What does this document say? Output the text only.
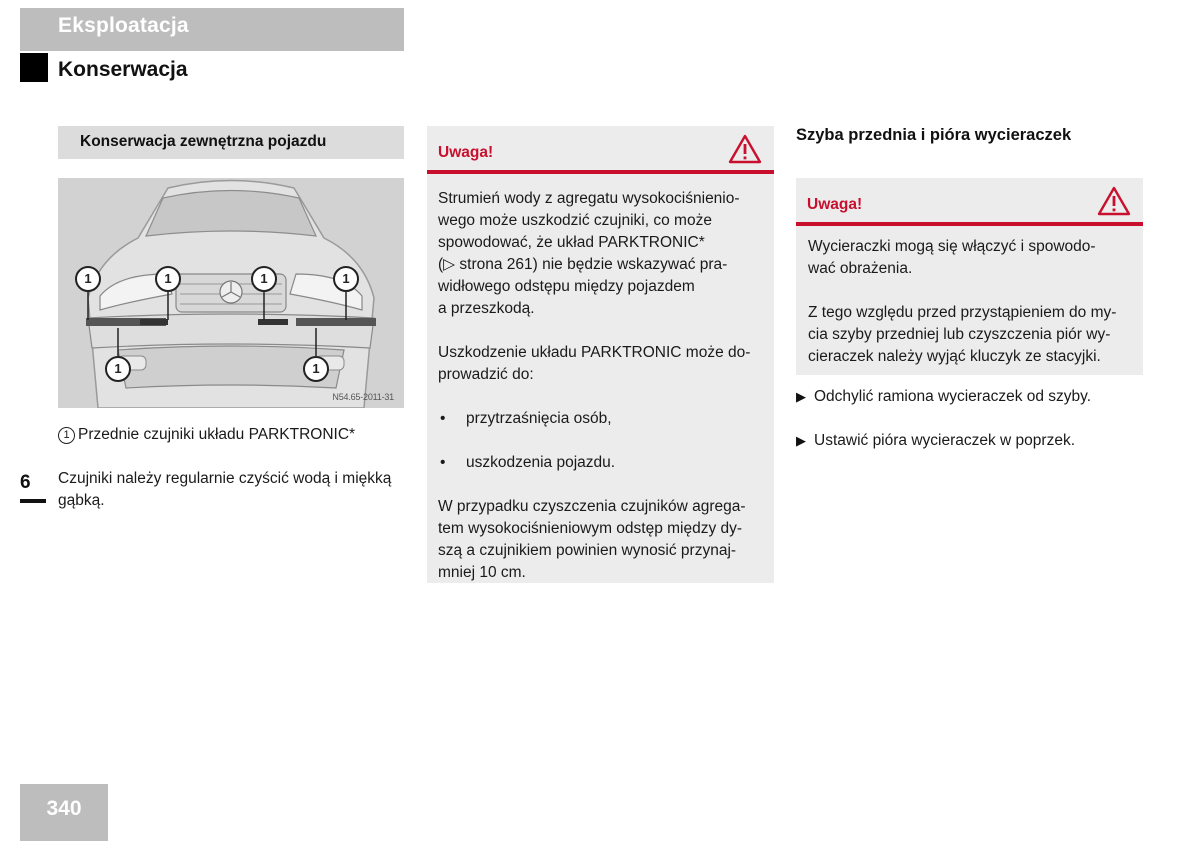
Eksploatacja
Konserwacja
Konserwacja zewnętrzna pojazdu
1	1	1	1
1	1
N54.65-2011-31
1 Przednie czujniki układu PARKTRONIC*
Czujniki należy regularnie czyścić wodą i miękką
gąbką.
6
Uwaga!

Strumień wody z agregatu wysokociśnienio-
wego może uszkodzić czujniki, co może
spowodować, że układ PARKTRONIC*
(▷ strona 261) nie będzie wskazywać pra-
widłowego odstępu między pojazdem
a przeszkodą.

Uszkodzenie układu PARKTRONIC może do-
prowadzić do:

• przytrzaśnięcia osób,
• uszkodzenia pojazdu.

W przypadku czyszczenia czujników agrega-
tem wysokociśnieniowym odstęp między dy-
szą a czujnikiem powinien wynosić przynaj-
mniej 10 cm.

Szyba przednia i pióra wycieraczek
Uwaga!

Wycieraczki mogą się włączyć i spowodo-
wać obrażenia.

Z tego względu przed przystąpieniem do my-
cia szyby przedniej lub czyszczenia piór wy-
cieraczek należy wyjąć kluczyk ze stacyjki.

▶ Odchylić ramiona wycieraczek od szyby.
▶ Ustawić pióra wycieraczek w poprzek.
340
